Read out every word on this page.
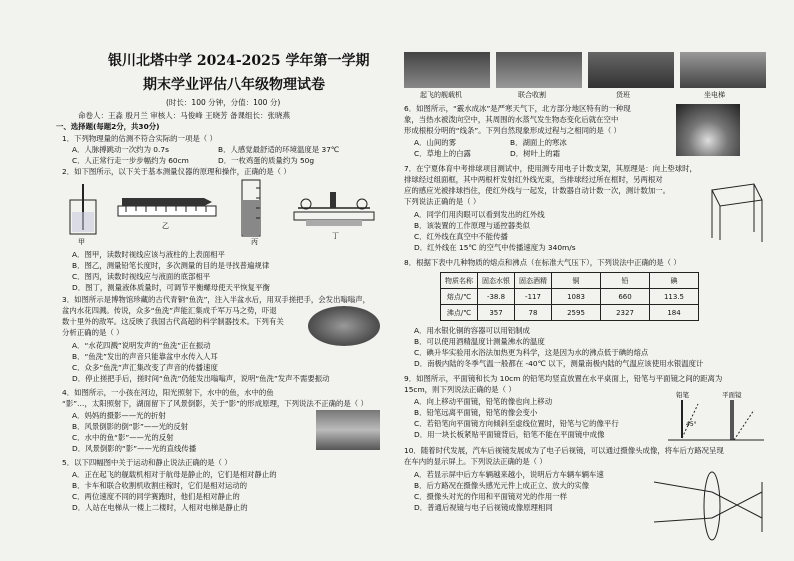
银川北塔中学 2024-2025 学年第一学期
期末学业评估八年级物理试卷
(时长：100 分钟，分值：100 分)
命卷人：王淼 殷月兰 审核人：马俊峰 王晓芳 备课组长：张晓燕
一、选择题(每题2分，共30分)
1．下列物理量的估测不符合实际的一项是（ ）
A．人脉搏跳动一次约为 0.7s	B．人感觉最舒适的环境温度是 37℃
C．人正常行走一步步幅约为 60cm	D．一枚鸡蛋的质量约为 50g
2．如下图所示，以下关于基本测量仪器的原理和操作，正确的是（ ）
甲
乙
丙
丁
A．图甲，读数时视线应该与液柱的上表面相平
B．图乙，测量铅笔长度时，多次测量的目的是寻找普遍规律
C．图丙，读数时视线应与液面的底部相平
D．图丁，测量液体质量时，可调节平衡螺母使天平恢复平衡
3．如图所示是博物馆珍藏的古代青铜“鱼洗”，注入半盆水后，用双手搓把手，会发出嗡嗡声，
盆内水花四溅。传说，众多“鱼洗”声能汇集成千军万马之势，吓退
数十里外的敌军。这反映了我国古代高超的科学制器技术。下列有关
分析正确的是（ ）
A．“水花四溅”说明发声的“鱼洗”正在振动
B．“鱼洗”发出的声音只能靠盆中水传入人耳
C．众多“鱼洗”声汇集改变了声音的传播速度
D．停止搓把手后，搓时间“鱼洗”仍能发出嗡嗡声，说明“鱼洗”发声不需要振动
4．如图所示，一小孩在河边，阳光照射下，水中的鱼，水中的鱼
“影”…，太阳照射下，湖面留下了风景倒影，关于“影”的形成原理，下列说法不正确的是（ ）
A．妈妈的摄影——光的折射
B．风景倒影的倒“影”——光的反射
C．水中的鱼“影”——光的反射
D．风景倒影的“影”——光的直线传播
5．以下四幅图中关于运动和静止说法正确的是（ ）
A．正在起飞的舰载机相对于航母是静止的，它们是相对静止的
B．卡车和联合收割机收割庄稼时，它们是相对运动的
C．两位速度不同的同学赛跑时，他们是相对静止的
D．人站在电梯从一楼上二楼时，人相对电梯是静止的
起飞的舰载机	联合收割	货班	坐电梯
6．如图所示，“霰水成冰”是严寒天气下，北方部分地区特有的一种现
象，当热水被泼向空中，其周围的水蒸气发生物态变化后就在空中
形成根根分明的“线条”。下列自然现象形成过程与之相同的是（ ）
A．山间的雾	B．湖面上的寒冰
C．草地上的白露	D．树叶上的霜
7．在宁夏体育中考排球项目测试中，使用测专用电子计数支架，其原理是：向上垫球时，
排球经过组面框，其中两根杆发射红外线光束，当排球经过所在框时，另两根对
应的感应光被排球挡住，使红外线与一起发，计数器自动计数一次，测计数加一。
下列说法正确的是（ ）
A．同学们用肉眼可以看到发出的红外线
B．该装置的工作原理与遥控器类似
C．红外线在真空中不能传播
D．红外线在 15℃ 的空气中传播速度为 340m/s
8．根据下表中几种物质的熔点和沸点（在标准大气压下），下列说法中正确的是（ ）
物质名称	固态水银	固态酒精	铜	铅	碘
熔点/℃	-38.8	-117	1083	660	113.5
沸点/℃	357	78	2595	2327	184
A．用水银化铜的容器可以用铝制成
B．可以使用酒精温度计测量沸水的温度
C．碘升华实验用水浴法加热更为科学，这是因为水的沸点低于碘的熔点
D．南极内陆的冬季气温一般都在 -40℃ 以下，测量南极内陆的气温应该使用水银温度计
9．如图所示，平面镜和长为 10cm 的铅笔均竖直放置在水平桌面上，铅笔与平面镜之间的距离为
15cm，则下列说法正确的是（ ）
铅笔	平面镜
45°
A．向上移动平面镜，铅笔的像也向上移动
B．铅笔远离平面镜，铅笔的像会变小
C．若铅笔向平面镜方向倾斜至虚线位置时，铅笔与它的像平行
D．用一块长板紧贴平面镜背后，铅笔不能在平面镜中成像
10．随着时代发展，汽车后视镜发展成为了电子后视镜，可以通过摄像头成像，将车后方路况呈现
在车内的显示屏上。下列说法正确的是（ ）
A．若显示屏中后方车辆越来越小，说明后方车辆车辆车速
B．后方路况在摄像头感光元件上成正立、放大的实像
C．摄像头对光的作用和平面镜对光的作用一样
D．普通后视镜与电子后视镜成像原理相同
